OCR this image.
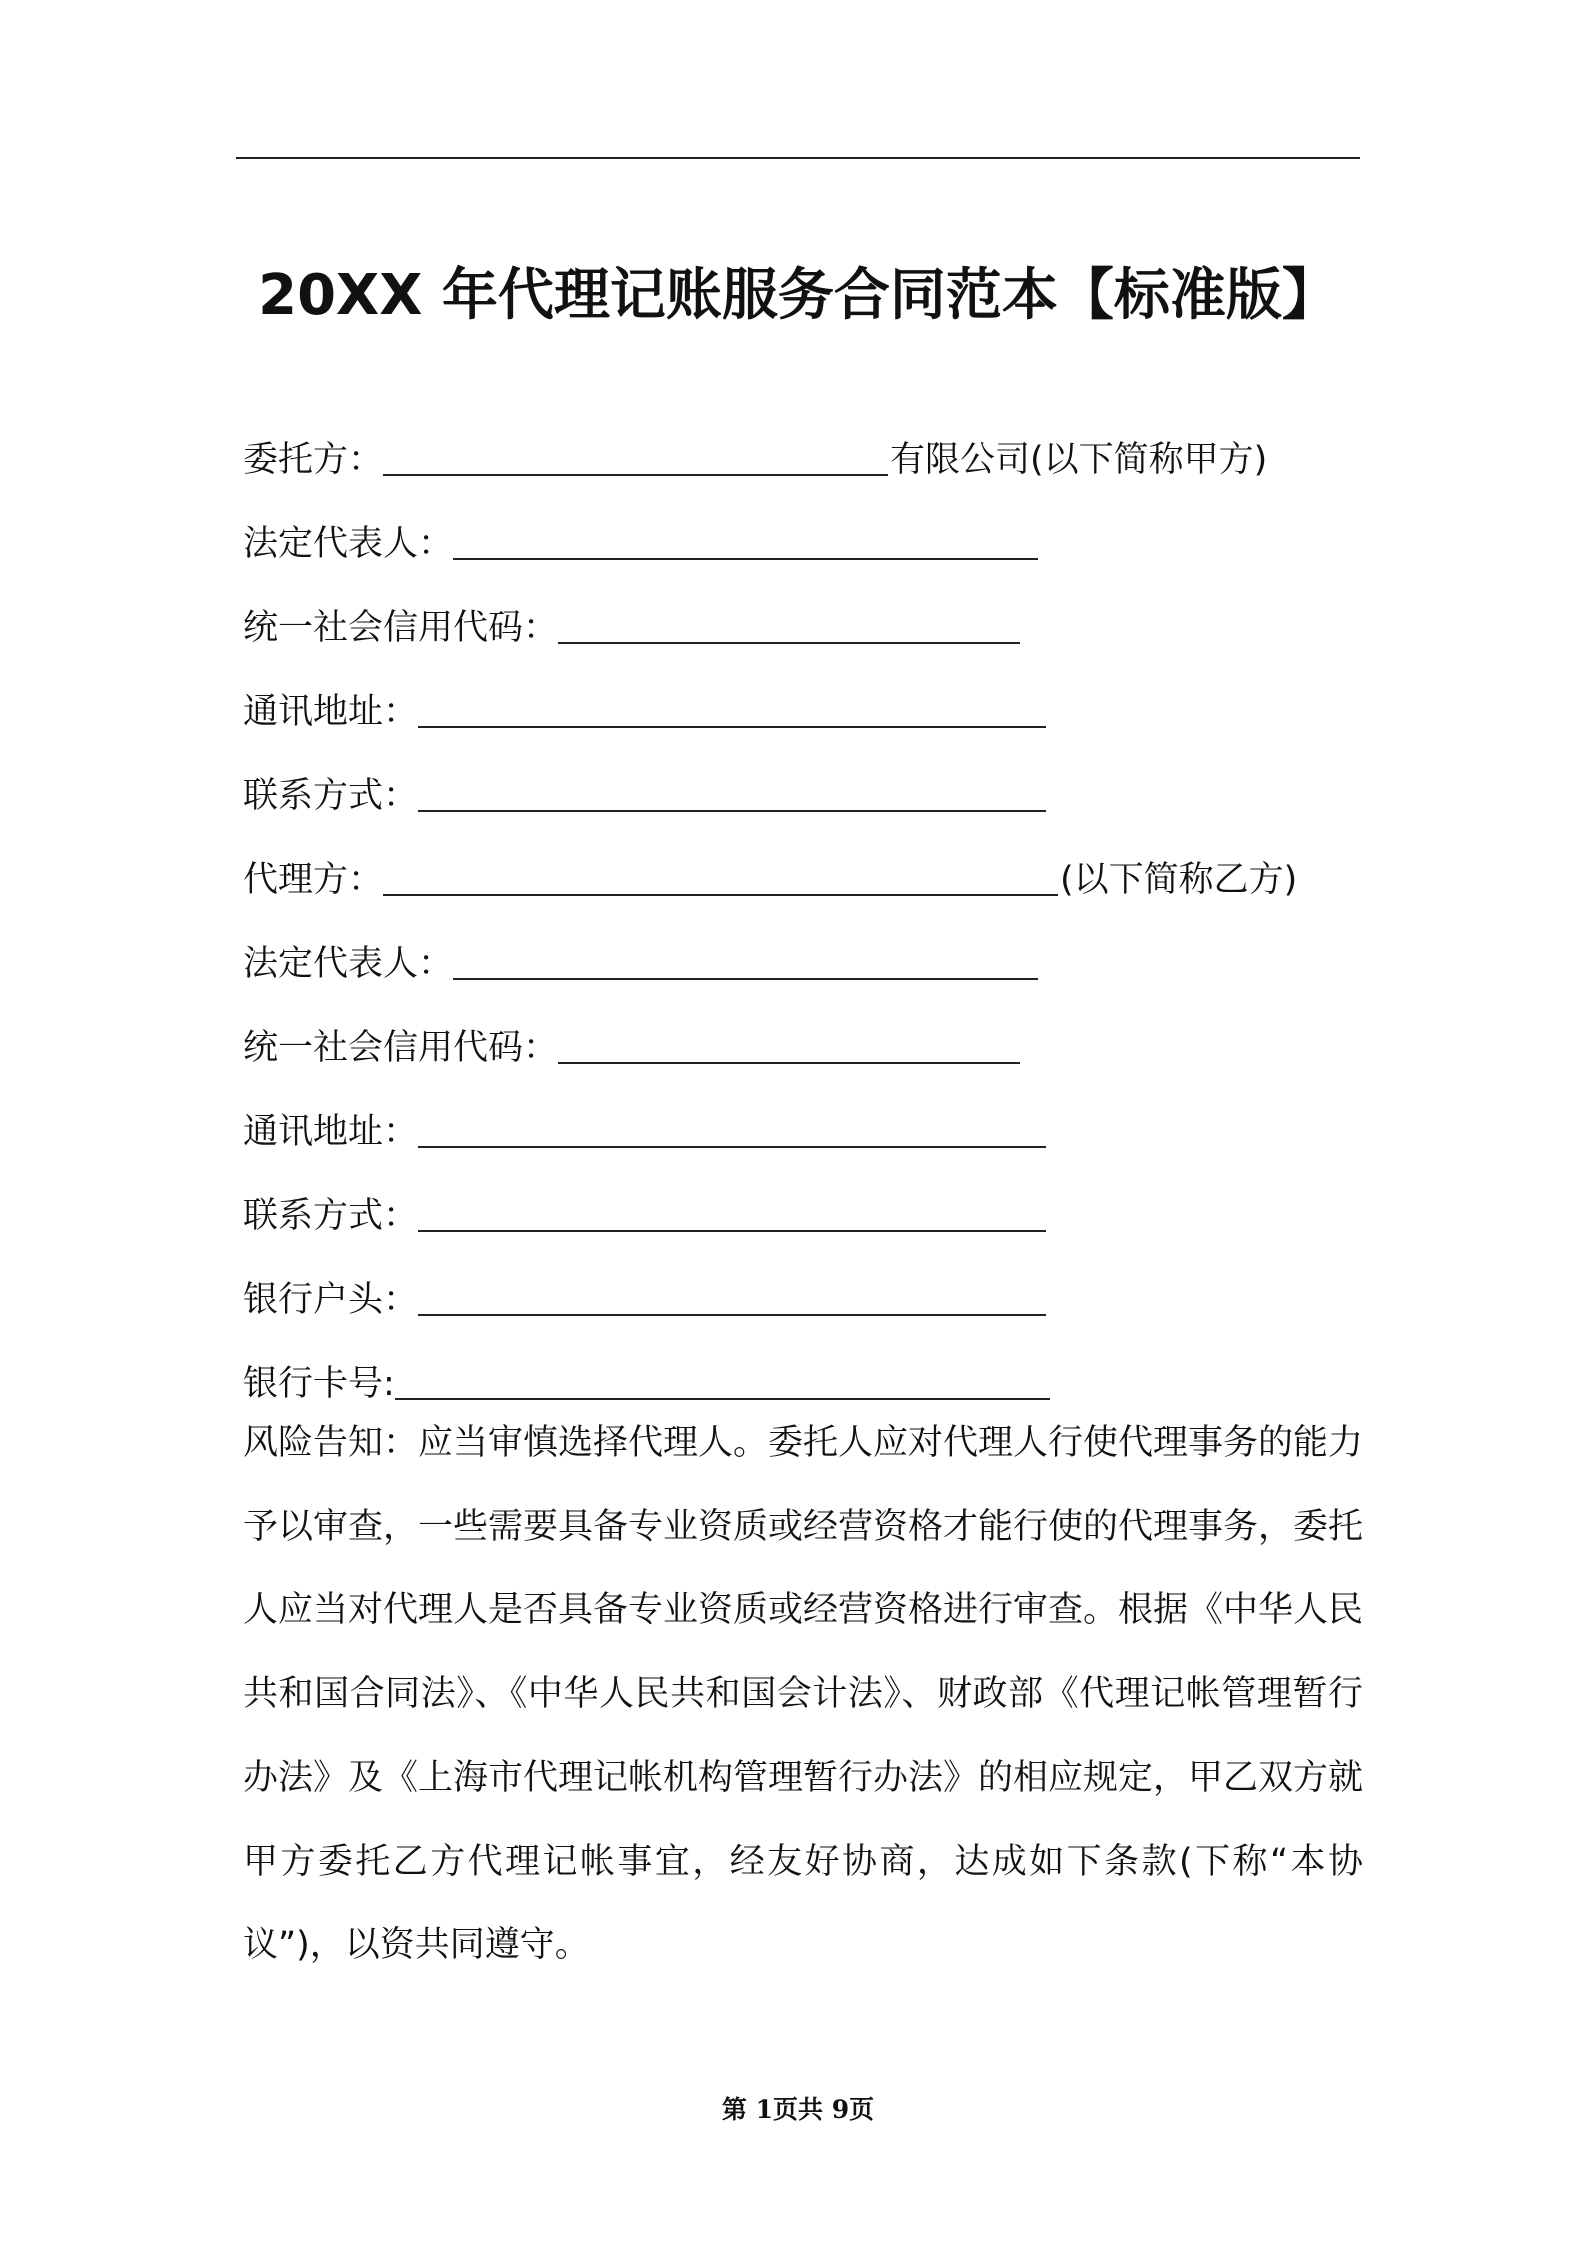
20XX 年代理记账服务合同范本【标准版】
委托方：	有限公司(以下简称甲方)
法定代表人：
统一社会信用代码：
通讯地址：
联系方式：
代理方：	(以下简称乙方)
法定代表人：
统一社会信用代码：
通讯地址：
联系方式：
银行户头：
银行卡号:

风险告知：应当审慎选择代理人。委托人应对代理人行使代理事务的能力予以审查，一些需要具备专业资质或经营资格才能行使的代理事务，委托人应当对代理人是否具备专业资质或经营资格进行审查。根据《中华人民共和国合同法》、《中华人民共和国会计法》、财政部《代理记帐管理暂行办法》及《上海市代理记帐机构管理暂行办法》的相应规定，甲乙双方就甲方委托乙方代理记帐事宜，经友好协商，达成如下条款(下称“本协议”)，以资共同遵守。

第 1页共 9页
